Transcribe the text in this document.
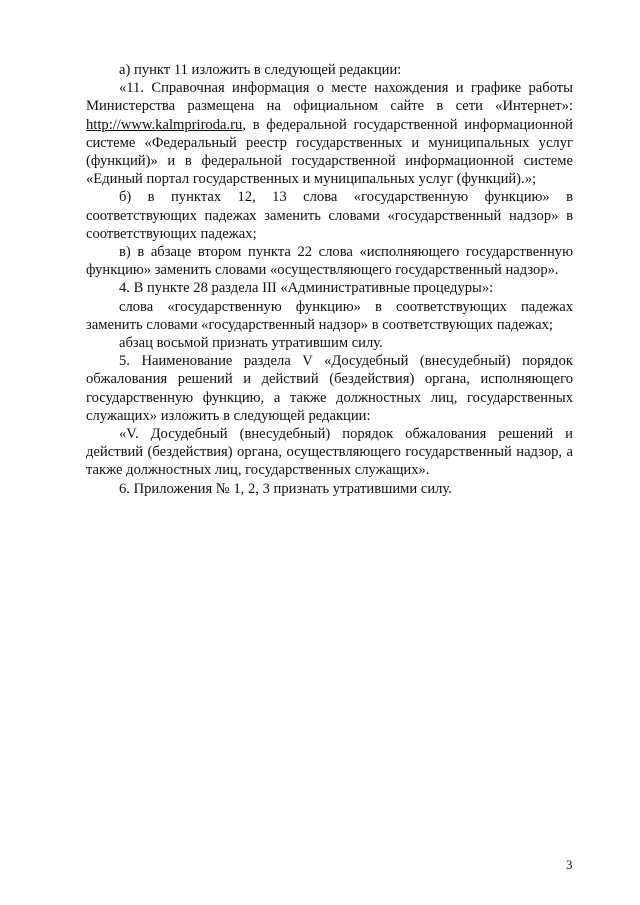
а) пункт 11 изложить в следующей редакции:

«11. Справочная информация о месте нахождения и графике работы Министерства размещена на официальном сайте в сети «Интернет»: http://www.kalmpriroda.ru, в федеральной государственной информационной системе «Федеральный реестр государственных и муниципальных услуг (функций)» и в федеральной государственной информационной системе «Единый портал государственных и муниципальных услуг (функций).»;

б) в пунктах 12, 13 слова «государственную функцию» в соответствующих падежах заменить словами «государственный надзор» в соответствующих падежах;

в) в абзаце втором пункта 22 слова «исполняющего государственную функцию» заменить словами «осуществляющего государственный надзор».

4. В пункте 28 раздела III «Административные процедуры»:

слова «государственную функцию» в соответствующих падежах заменить словами «государственный надзор» в соответствующих падежах;

абзац восьмой признать утратившим силу.

5. Наименование раздела V «Досудебный (внесудебный) порядок обжалования решений и действий (бездействия) органа, исполняющего государственную функцию, а также должностных лиц, государственных служащих» изложить в следующей редакции:

«V. Досудебный (внесудебный) порядок обжалования решений и действий (бездействия) органа, осуществляющего государственный надзор, а также должностных лиц, государственных служащих».

6. Приложения № 1, 2, 3 признать утратившими силу.

3
